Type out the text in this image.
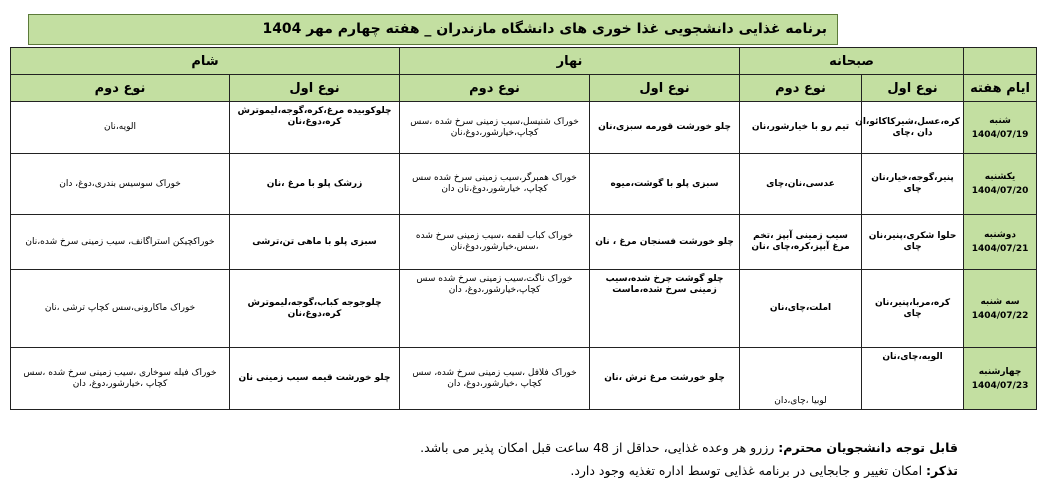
برنامه غذایی دانشجویی غذا خوری های دانشگاه مازندران _ هفته چهارم مهر 1404
	صبحانه		نهار		شام	
ایام هفته	نوع اول	نوع دوم	نوع اول	نوع دوم	نوع اول	نوع دوم

شنبه
1404/07/19	کره،عسل،شیرکاکائو،ان دان ،چای	تیم رو با خیارشور،نان	چلو خورشت قورمه سبزی،نان	خوراک شنیسل،سیب زمینی سرخ شده ،سس کچاپ،خیارشور،دوغ،نان	چلوکوبیده مرغ،کره،گوجه،لیموترش کره،دوغ،نان	الویه،نان

یکشنبه
1404/07/20	پنیر،گوجه،خیار،نان چای	عدسی،نان،چای	سبزی پلو با گوشت،میوه	خوراک همبرگر،سیب زمینی سرخ شده سس کچاپ، خیارشور،دوغ،نان دان	زرشک پلو با مرغ ،نان	خوراک سوسیس بندری،دوغ، دان

دوشنبه
1404/07/21	حلوا شکری،پنیر،نان چای	سیب زمینی آبپز ،تخم مرغ آبپز،کره،چای ،نان	چلو خورشت فسنجان مرغ ، نان	خوراک کباب لقمه ،سیب زمینی سرخ شده ،سس،خیارشور،دوغ،نان	سبزی پلو با ماهی تن،ترشی	خوراکچیکن استراگانف، سیب زمینی سرخ شده،نان

سه شنبه
1404/07/22	کره،مربا،پنیر،نان چای	املت،چای،نان	چلو گوشت چرخ شده،سیب زمینی سرخ شده،ماست	خوراک ناگت،سیب زمینی سرخ شده سس کچاپ،خیارشور،دوغ، دان	چلوجوجه کباب،گوجه،لیموترش کره،دوغ،نان	خوراک ماکارونی،سس کچاپ ترشی ،نان

چهارشنبه
1404/07/23	الویه،چای،نان	لوبیا ،چای،دان	چلو خورشت مرغ ترش ،نان	خوراک فلافل ،سیب زمینی سرخ شده، سس کچاپ ،خیارشور،دوغ، دان	چلو خورشت قیمه سیب زمینی نان	خوراک فیله سوخاری ،سیب زمینی سرخ شده ،سس کچاپ ،خیارشور،دوغ، دان
قابل توجه دانشجویان محترم: رزرو هر وعده غذایی، حداقل از 48 ساعت قبل امکان پذیر می باشد.
تذکر: امکان تغییر و جابجایی در برنامه غذایی توسط اداره تغذیه وجود دارد.
